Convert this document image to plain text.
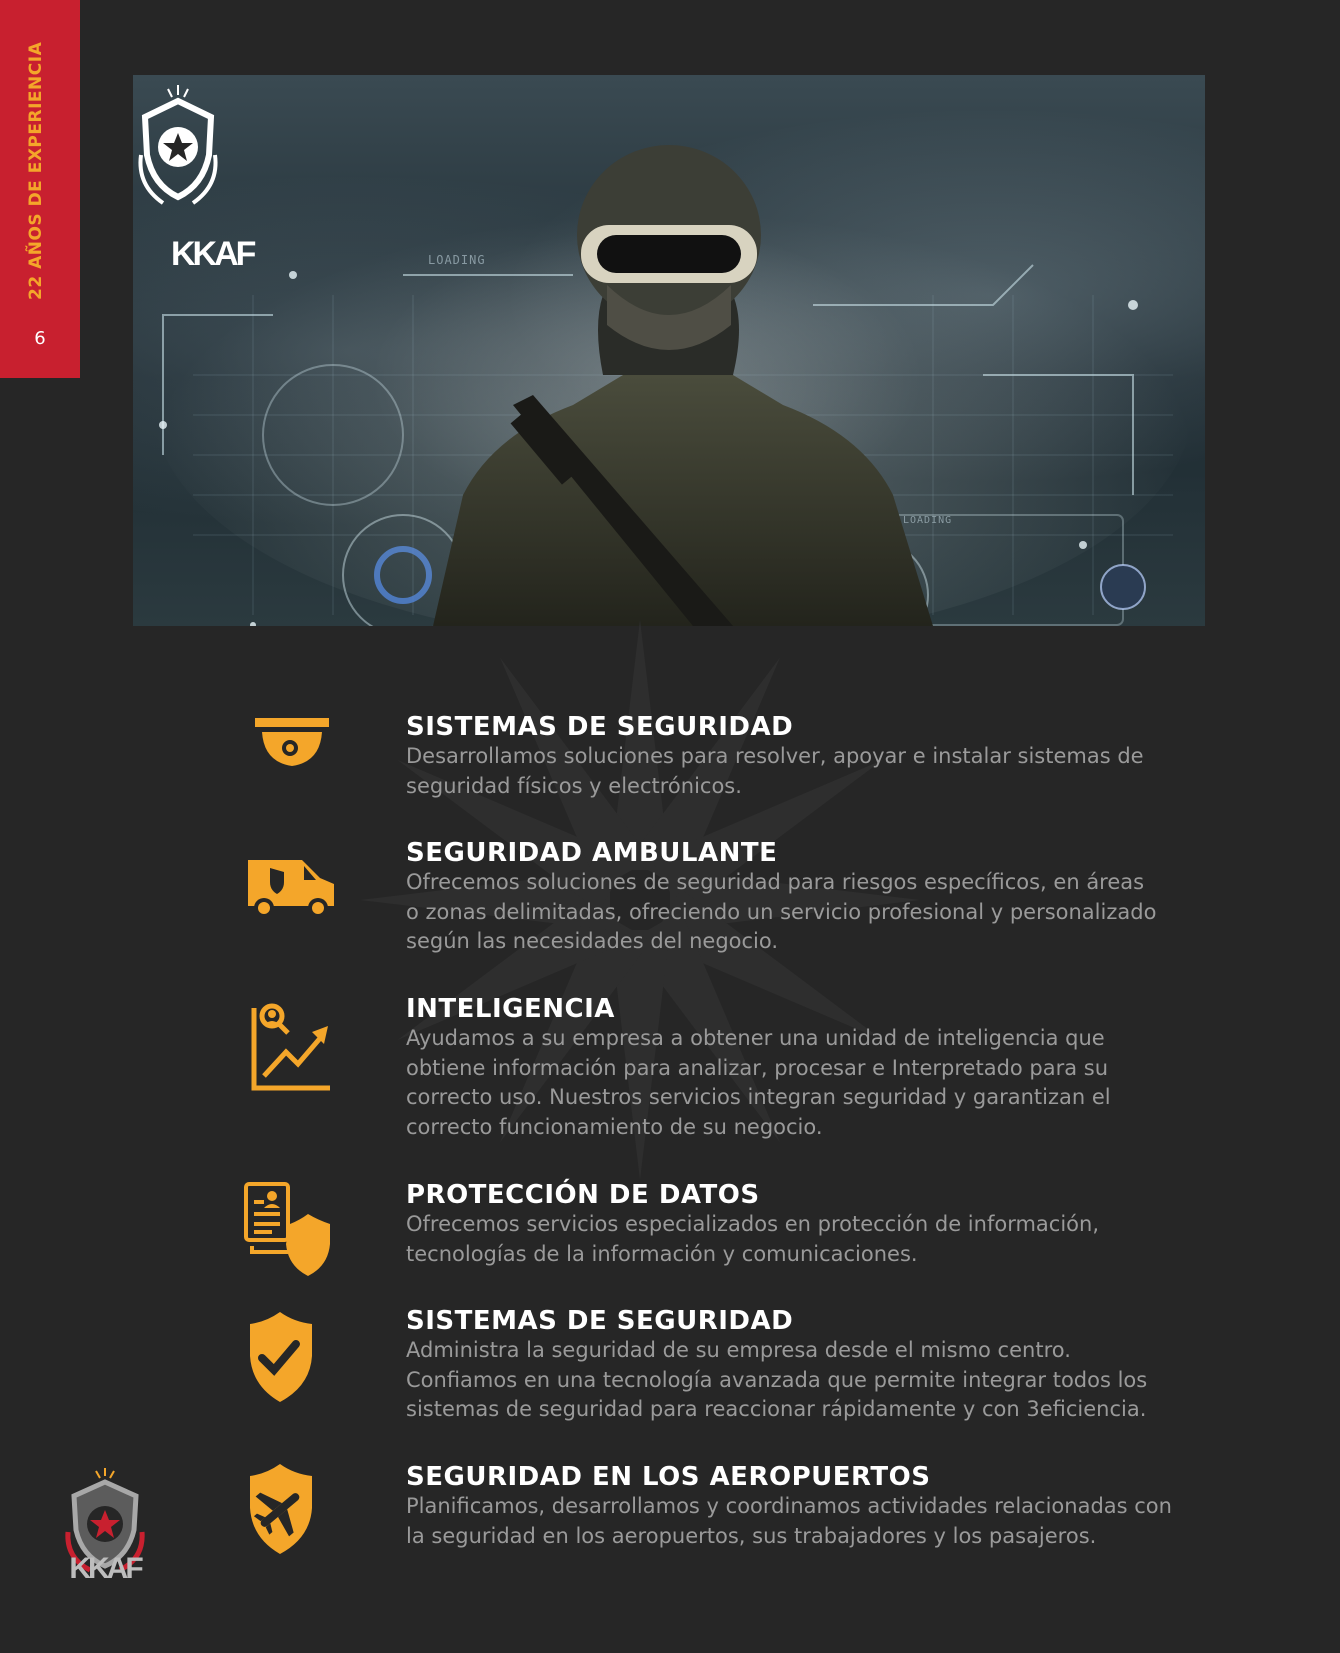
22 AÑOS DE EXPERIENCIA
6
LOADING
LOADING
KKAF
SISTEMAS DE SEGURIDAD

Desarrollamos soluciones para resolver, apoyar e instalar sistemas de

seguridad físicos y electrónicos.

SEGURIDAD AMBULANTE

Ofrecemos soluciones de seguridad para riesgos específicos, en áreas

o zonas delimitadas, ofreciendo un servicio profesional y personalizado

según las necesidades del negocio.

INTELIGENCIA

Ayudamos a su empresa a obtener una unidad de inteligencia que

obtiene información para analizar, procesar e Interpretado para su

correcto uso. Nuestros servicios integran seguridad y garantizan el

correcto funcionamiento de su negocio.

PROTECCIÓN DE DATOS

Ofrecemos servicios especializados en protección de información,

tecnologías de la información y comunicaciones.

SISTEMAS DE SEGURIDAD

Administra la seguridad de su empresa desde el mismo centro.

Confiamos en una tecnología avanzada que permite integrar todos los

sistemas de seguridad para reaccionar rápidamente y con 3eficiencia.

SEGURIDAD EN LOS AEROPUERTOS

Planificamos, desarrollamos y coordinamos actividades relacionadas con

la seguridad en los aeropuertos, sus trabajadores y los pasajeros.

KKAF
